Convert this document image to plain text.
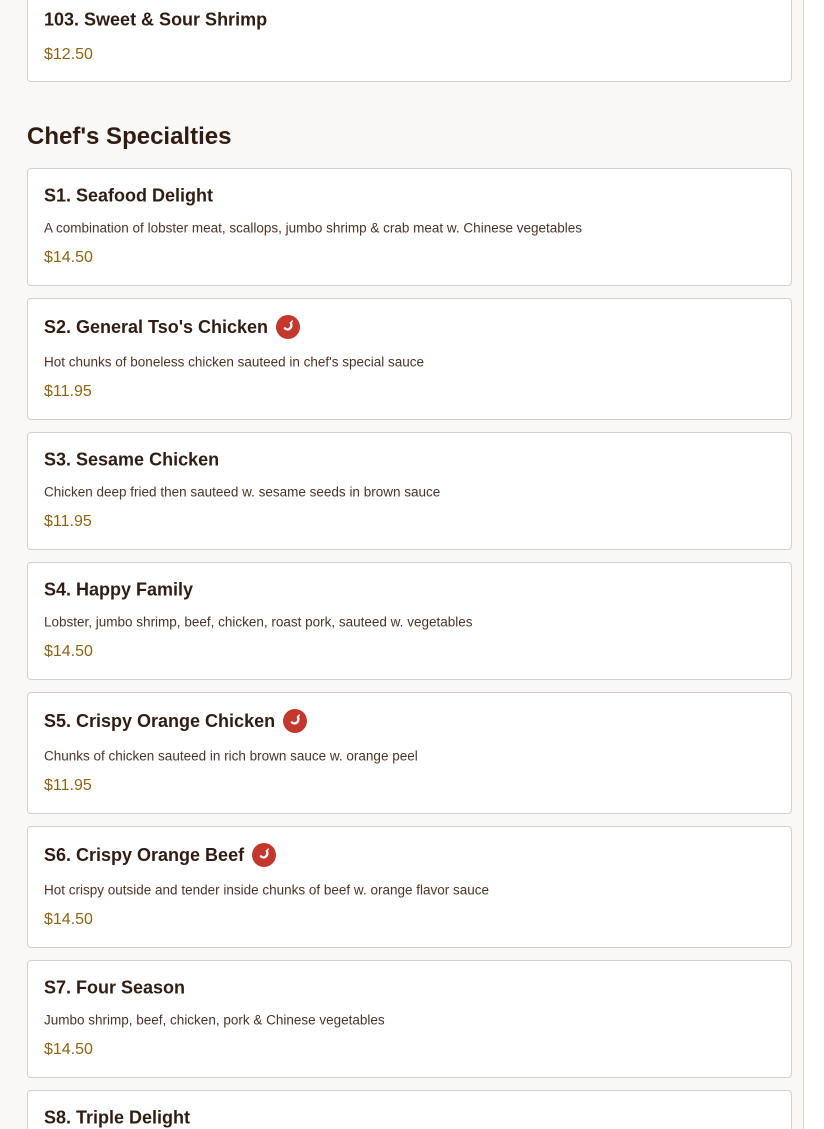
103. Sweet & Sour Shrimp
$12.50
Chef's Specialties
S1. Seafood Delight
A combination of lobster meat, scallops, jumbo shrimp & crab meat w. Chinese vegetables
$14.50
S2. General Tso's Chicken
Hot chunks of boneless chicken sauteed in chef's special sauce
$11.95
S3. Sesame Chicken
Chicken deep fried then sauteed w. sesame seeds in brown sauce
$11.95
S4. Happy Family
Lobster, jumbo shrimp, beef, chicken, roast pork, sauteed w. vegetables
$14.50
S5. Crispy Orange Chicken
Chunks of chicken sauteed in rich brown sauce w. orange peel
$11.95
S6. Crispy Orange Beef
Hot crispy outside and tender inside chunks of beef w. orange flavor sauce
$14.50
S7. Four Season
Jumbo shrimp, beef, chicken, pork & Chinese vegetables
$14.50
S8. Triple Delight
